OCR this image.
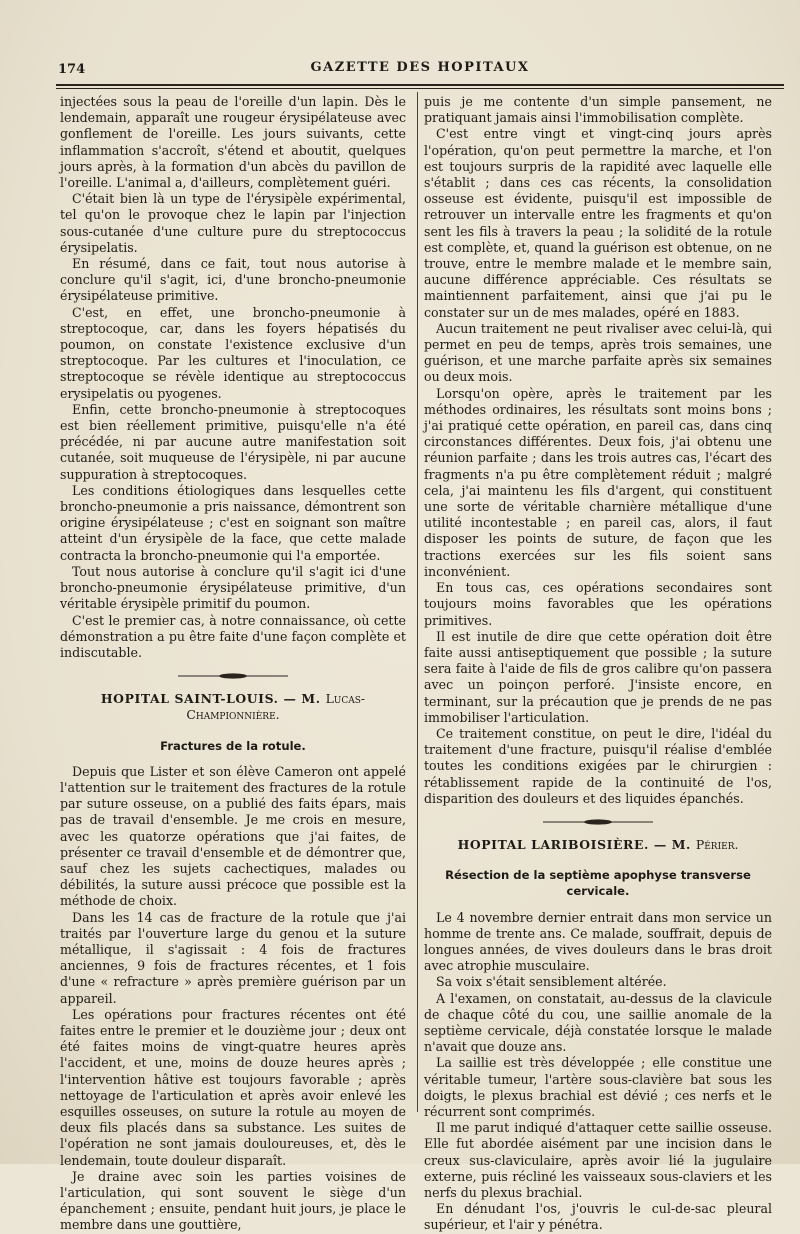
174	GAZETTE DES HOPITAUX

injectées sous la peau de l'oreille d'un lapin. Dès le lendemain, apparaît une rougeur érysipélateuse avec gonflement de l'oreille. Les jours suivants, cette inflammation s'accroît, s'étend et aboutit, quelques jours après, à la formation d'un abcès du pavillon de l'oreille. L'animal a, d'ailleurs, complètement guéri.

C'était bien là un type de l'érysipèle expérimental, tel qu'on le provoque chez le lapin par l'injection sous-cutanée d'une culture pure du streptococcus érysipelatis.

En résumé, dans ce fait, tout nous autorise à conclure qu'il s'agit, ici, d'une broncho-pneumonie érysipélateuse primitive.

C'est, en effet, une broncho-pneumonie à streptocoque, car, dans les foyers hépatisés du poumon, on constate l'existence exclusive d'un streptocoque. Par les cultures et l'inoculation, ce streptocoque se révèle identique au streptococcus erysipelatis ou pyogenes.

Enfin, cette broncho-pneumonie à streptocoques est bien réellement primitive, puisqu'elle n'a été précédée, ni par aucune autre manifestation soit cutanée, soit muqueuse de l'érysipèle, ni par aucune suppuration à streptocoques.

Les conditions étiologiques dans lesquelles cette broncho-pneumonie a pris naissance, démontrent son origine érysipélateuse ; c'est en soignant son maître atteint d'un érysipèle de la face, que cette malade contracta la broncho-pneumonie qui l'a emportée.

Tout nous autorise à conclure qu'il s'agit ici d'une broncho-pneumonie érysipélateuse primitive, d'un véritable érysipèle primitif du poumon.

C'est le premier cas, à notre connaissance, où cette démonstration a pu être faite d'une façon complète et indiscutable.

HOPITAL SAINT-LOUIS. — M. Lucas-Championnière.
Fractures de la rotule.

Depuis que Lister et son élève Cameron ont appelé l'attention sur le traitement des fractures de la rotule par suture osseuse, on a publié des faits épars, mais pas de travail d'ensemble. Je me crois en mesure, avec les quatorze opérations que j'ai faites, de présenter ce travail d'ensemble et de démontrer que, sauf chez les sujets cachectiques, malades ou débilités, la suture aussi précoce que possible est la méthode de choix.

Dans les 14 cas de fracture de la rotule que j'ai traités par l'ouverture large du genou et la suture métallique, il s'agissait : 4 fois de fractures anciennes, 9 fois de fractures récentes, et 1 fois d'une « refracture » après première guérison par un appareil.

Les opérations pour fractures récentes ont été faites entre le premier et le douzième jour ; deux ont été faites moins de vingt-quatre heures après l'accident, et une, moins de douze heures après ; l'intervention hâtive est toujours favorable ; après nettoyage de l'articulation et après avoir enlevé les esquilles osseuses, on suture la rotule au moyen de deux fils placés dans sa substance. Les suites de l'opération ne sont jamais douloureuses, et, dès le lendemain, toute douleur disparaît.

Je draine avec soin les parties voisines de l'articulation, qui sont souvent le siège d'un épanchement ; ensuite, pendant huit jours, je place le membre dans une gouttière,

puis je me contente d'un simple pansement, ne pratiquant jamais ainsi l'immobilisation complète.

C'est entre vingt et vingt-cinq jours après l'opération, qu'on peut permettre la marche, et l'on est toujours surpris de la rapidité avec laquelle elle s'établit ; dans ces cas récents, la consolidation osseuse est évidente, puisqu'il est impossible de retrouver un intervalle entre les fragments et qu'on sent les fils à travers la peau ; la solidité de la rotule est complète, et, quand la guérison est obtenue, on ne trouve, entre le membre malade et le membre sain, aucune différence appréciable. Ces résultats se maintiennent parfaitement, ainsi que j'ai pu le constater sur un de mes malades, opéré en 1883.

Aucun traitement ne peut rivaliser avec celui-là, qui permet en peu de temps, après trois semaines, une guérison, et une marche parfaite après six semaines ou deux mois.

Lorsqu'on opère, après le traitement par les méthodes ordinaires, les résultats sont moins bons ; j'ai pratiqué cette opération, en pareil cas, dans cinq circonstances différentes. Deux fois, j'ai obtenu une réunion parfaite ; dans les trois autres cas, l'écart des fragments n'a pu être complètement réduit ; malgré cela, j'ai maintenu les fils d'argent, qui constituent une sorte de véritable charnière métallique d'une utilité incontestable ; en pareil cas, alors, il faut disposer les points de suture, de façon que les tractions exercées sur les fils soient sans inconvénient.

En tous cas, ces opérations secondaires sont toujours moins favorables que les opérations primitives.

Il est inutile de dire que cette opération doit être faite aussi antiseptiquement que possible ; la suture sera faite à l'aide de fils de gros calibre qu'on passera avec un poinçon perforé. J'insiste encore, en terminant, sur la précaution que je prends de ne pas immobiliser l'articulation.

Ce traitement constitue, on peut le dire, l'idéal du traitement d'une fracture, puisqu'il réalise d'emblée toutes les conditions exigées par le chirurgien : rétablissement rapide de la continuité de l'os, disparition des douleurs et des liquides épanchés.

HOPITAL LARIBOISIÈRE. — M. Périer.
Résection de la septième apophyse transverse cervicale.

Le 4 novembre dernier entrait dans mon service un homme de trente ans. Ce malade, souffrait, depuis de longues années, de vives douleurs dans le bras droit avec atrophie musculaire.

Sa voix s'était sensiblement altérée.

A l'examen, on constatait, au-dessus de la clavicule de chaque côté du cou, une saillie anomale de la septième cervicale, déjà constatée lorsque le malade n'avait que douze ans.

La saillie est très développée ; elle constitue une véritable tumeur, l'artère sous-clavière bat sous les doigts, le plexus brachial est dévié ; ces nerfs et le récurrent sont comprimés.

Il me parut indiqué d'attaquer cette saillie osseuse. Elle fut abordée aisément par une incision dans le creux sus-claviculaire, après avoir lié la jugulaire externe, puis récliné les vaisseaux sous-claviers et les nerfs du plexus brachial.

En dénudant l'os, j'ouvris le cul-de-sac pleural supérieur, et l'air y pénétra.
